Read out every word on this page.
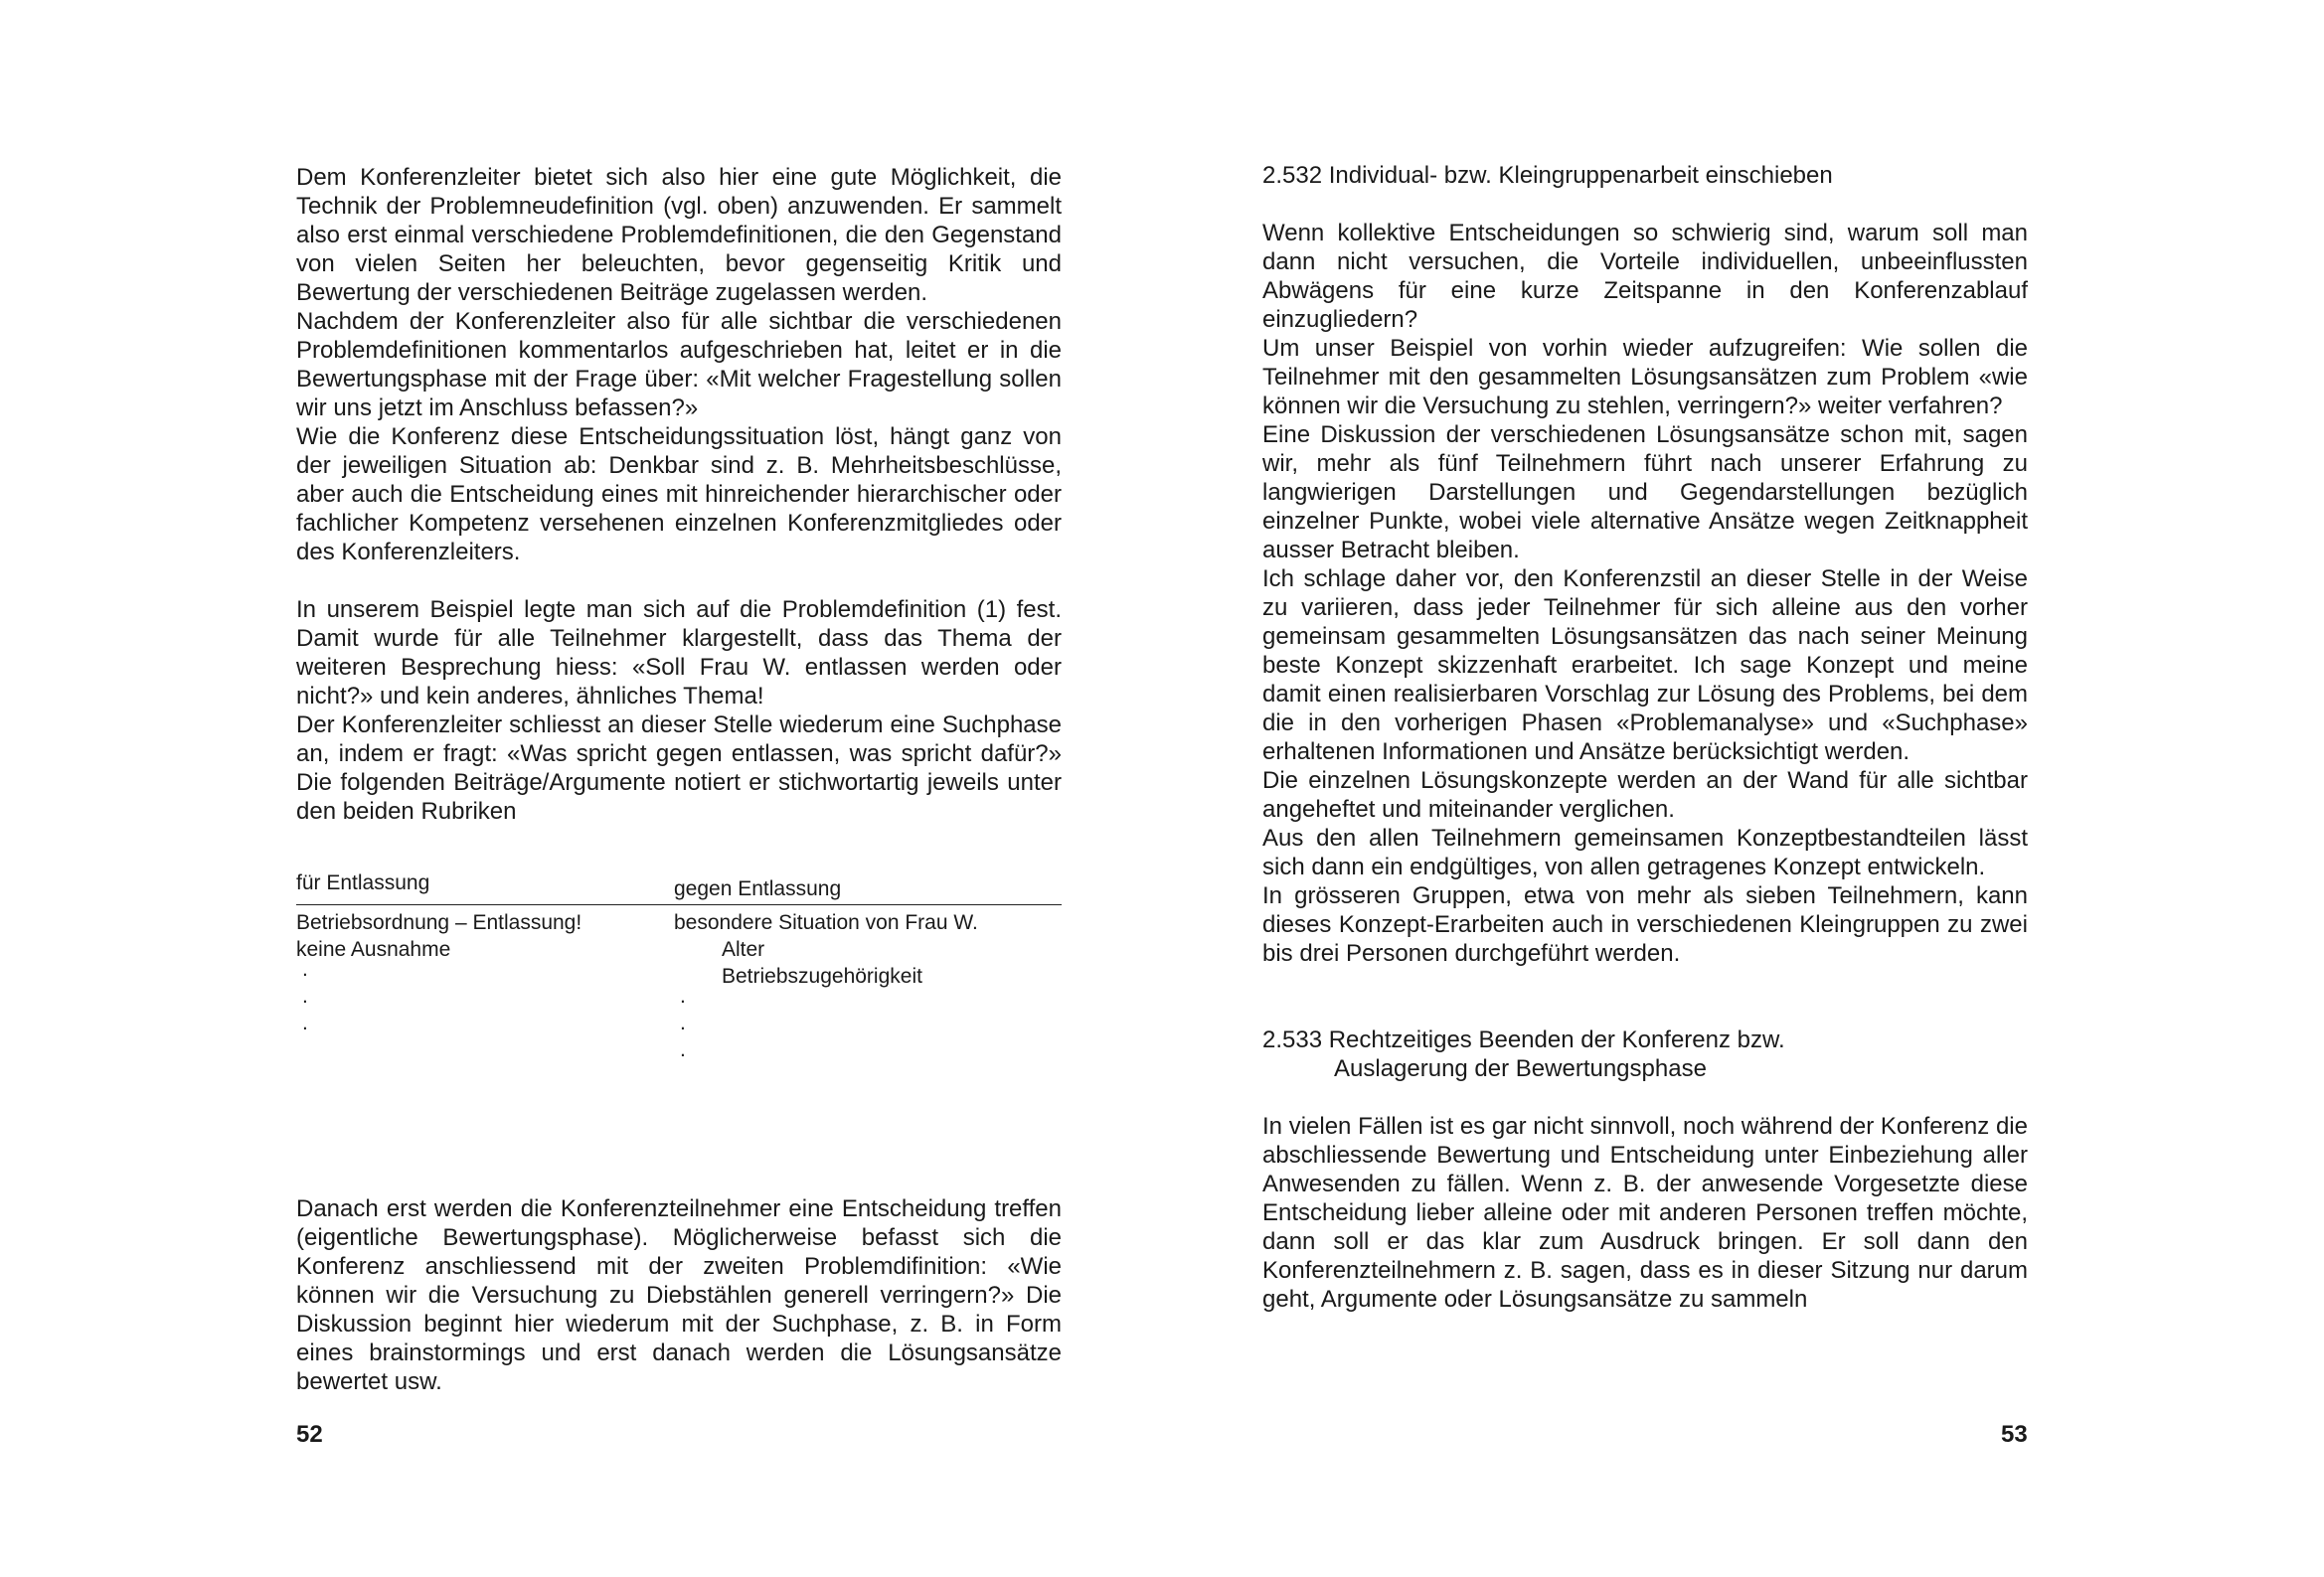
Dem Konferenzleiter bietet sich also hier eine gute Möglichkeit, die Technik der Problemneudefinition (vgl. oben) anzuwenden. Er sammelt also erst einmal verschiedene Problemdefinitionen, die den Gegenstand von vielen Seiten her beleuchten, bevor gegenseitig Kritik und Bewertung der verschiedenen Beiträge zugelassen werden.

Nachdem der Konferenzleiter also für alle sichtbar die verschiedenen Problemdefinitionen kommentarlos aufgeschrieben hat, leitet er in die Bewertungsphase mit der Frage über: «Mit welcher Fragestellung sollen wir uns jetzt im Anschluss befassen?»

Wie die Konferenz diese Entscheidungssituation löst, hängt ganz von der jeweiligen Situation ab: Denkbar sind z. B. Mehrheitsbeschlüsse, aber auch die Entscheidung eines mit hinreichender hierarchischer oder fachlicher Kompetenz versehenen einzelnen Konferenzmitgliedes oder des Konferenzleiters.

In unserem Beispiel legte man sich auf die Problemdefinition (1) fest. Damit wurde für alle Teilnehmer klargestellt, dass das Thema der weiteren Besprechung hiess: «Soll Frau W. entlassen werden oder nicht?» und kein anderes, ähnliches Thema!

Der Konferenzleiter schliesst an dieser Stelle wiederum eine Suchphase an, indem er fragt: «Was spricht gegen entlassen, was spricht dafür?» Die folgenden Beiträge/Argumente notiert er stichwortartig jeweils unter den beiden Rubriken

für Entlassung	gegen Entlassung
Betriebsordnung – Entlassung!
keine Ausnahme
.
.
.
besondere Situation von Frau W.
Alter
Betriebszugehörigkeit
.
.
.

Danach erst werden die Konferenzteilnehmer eine Entscheidung treffen (eigentliche Bewertungsphase). Möglicherweise befasst sich die Konferenz anschliessend mit der zweiten Problemdifinition: «Wie können wir die Versuchung zu Diebstählen generell verringern?» Die Diskussion beginnt hier wiederum mit der Suchphase, z. B. in Form eines brainstormings und erst danach werden die Lösungsansätze bewertet usw.

52
2.532 Individual- bzw. Kleingruppenarbeit einschieben

Wenn kollektive Entscheidungen so schwierig sind, warum soll man dann nicht versuchen, die Vorteile individuellen, unbeeinflussten Abwägens für eine kurze Zeitspanne in den Konferenzablauf einzugliedern?

Um unser Beispiel von vorhin wieder aufzugreifen: Wie sollen die Teilnehmer mit den gesammelten Lösungsansätzen zum Problem «wie können wir die Versuchung zu stehlen, verringern?» weiter verfahren?

Eine Diskussion der verschiedenen Lösungsansätze schon mit, sagen wir, mehr als fünf Teilnehmern führt nach unserer Erfahrung zu langwierigen Darstellungen und Gegendarstellungen bezüglich einzelner Punkte, wobei viele alternative Ansätze wegen Zeitknappheit ausser Betracht bleiben.

Ich schlage daher vor, den Konferenzstil an dieser Stelle in der Weise zu variieren, dass jeder Teilnehmer für sich alleine aus den vorher gemeinsam gesammelten Lösungsansätzen das nach seiner Meinung beste Konzept skizzenhaft erarbeitet. Ich sage Konzept und meine damit einen realisierbaren Vorschlag zur Lösung des Problems, bei dem die in den vorherigen Phasen «Problemanalyse» und «Suchphase» erhaltenen Informationen und Ansätze berücksichtigt werden.

Die einzelnen Lösungskonzepte werden an der Wand für alle sichtbar angeheftet und miteinander verglichen.

Aus den allen Teilnehmern gemeinsamen Konzeptbestandteilen lässt sich dann ein endgültiges, von allen getragenes Konzept entwickeln.

In grösseren Gruppen, etwa von mehr als sieben Teilnehmern, kann dieses Konzept-Erarbeiten auch in verschiedenen Kleingruppen zu zwei bis drei Personen durchgeführt werden.

2.533 Rechtzeitiges Beenden der Konferenz bzw.
Auslagerung der Bewertungsphase

In vielen Fällen ist es gar nicht sinnvoll, noch während der Konferenz die abschliessende Bewertung und Entscheidung unter Einbeziehung aller Anwesenden zu fällen. Wenn z. B. der anwesende Vorgesetzte diese Entscheidung lieber alleine oder mit anderen Personen treffen möchte, dann soll er das klar zum Ausdruck bringen. Er soll dann den Konferenzteilnehmern z. B. sagen, dass es in dieser Sitzung nur darum geht, Argumente oder Lösungsansätze zu sammeln

53
